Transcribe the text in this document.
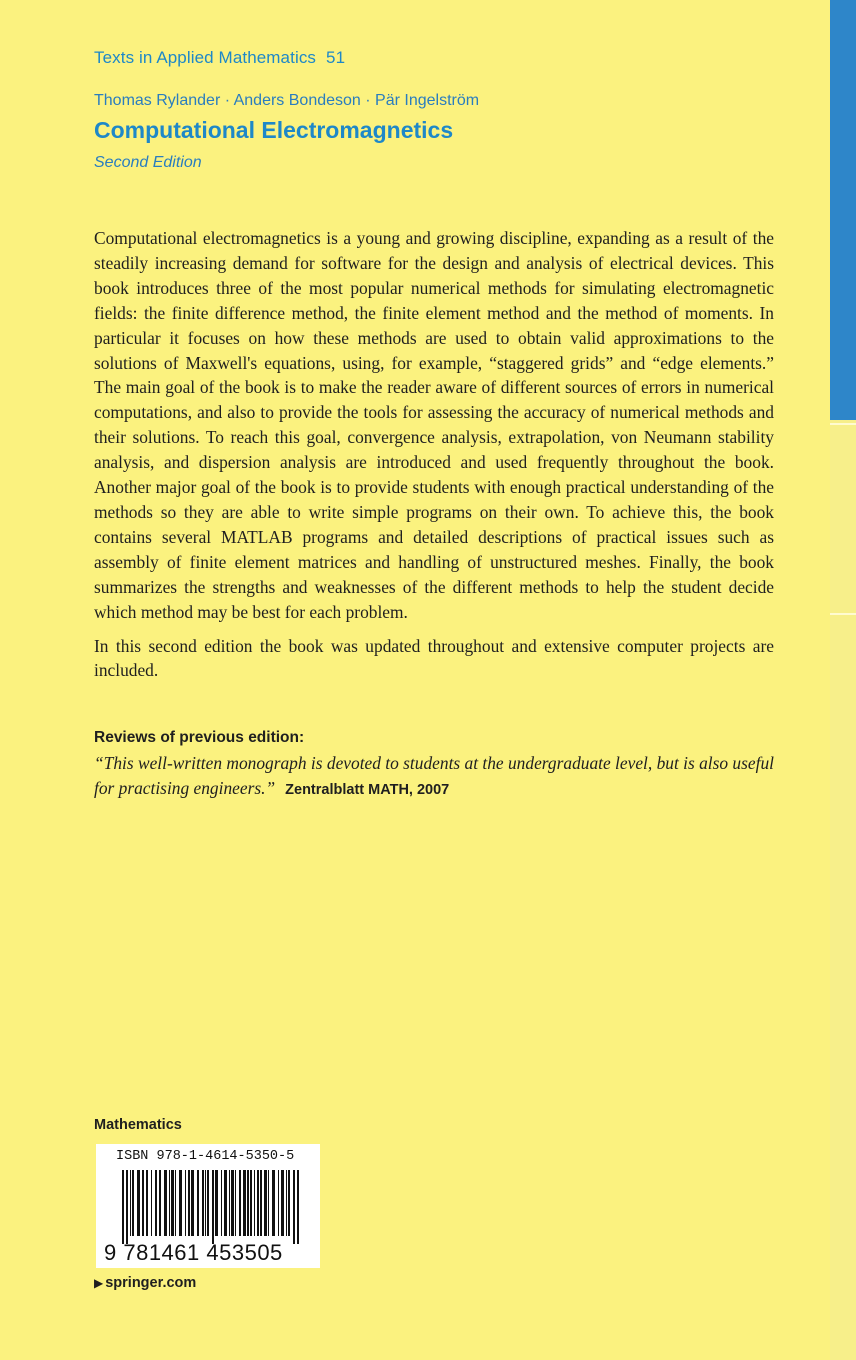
Texts in Applied Mathematics 51
Thomas Rylander · Anders Bondeson · Pär Ingelström
Computational Electromagnetics
Second Edition

Computational electromagnetics is a young and growing discipline, expanding as a result of the steadily increasing demand for software for the design and analysis of electrical devices. This book introduces three of the most popular numerical methods for simulating electromagnetic fields: the finite difference method, the finite element method and the method of moments. In particular it focuses on how these methods are used to obtain valid approximations to the solutions of Maxwell's equations, using, for example, “staggered grids” and “edge elements.” The main goal of the book is to make the reader aware of different sources of errors in numerical computations, and also to provide the tools for assessing the accuracy of numerical methods and their solutions. To reach this goal, convergence analysis, extrapolation, von Neumann stability analysis, and dispersion analysis are introduced and used frequently throughout the book. Another major goal of the book is to provide students with enough practical understanding of the methods so they are able to write simple programs on their own. To achieve this, the book contains several MATLAB programs and detailed descriptions of practical issues such as assembly of finite element matrices and handling of unstructured meshes. Finally, the book summarizes the strengths and weaknesses of the different methods to help the student decide which method may be best for each problem.

In this second edition the book was updated throughout and extensive computer projects are included.

Reviews of previous edition:
“This well-written monograph is devoted to students at the undergraduate level, but is also useful for practising engineers.” Zentralblatt MATH, 2007
Mathematics
ISBN 978-1-4614-5350-5
9 781461 453505
▶ springer.com
